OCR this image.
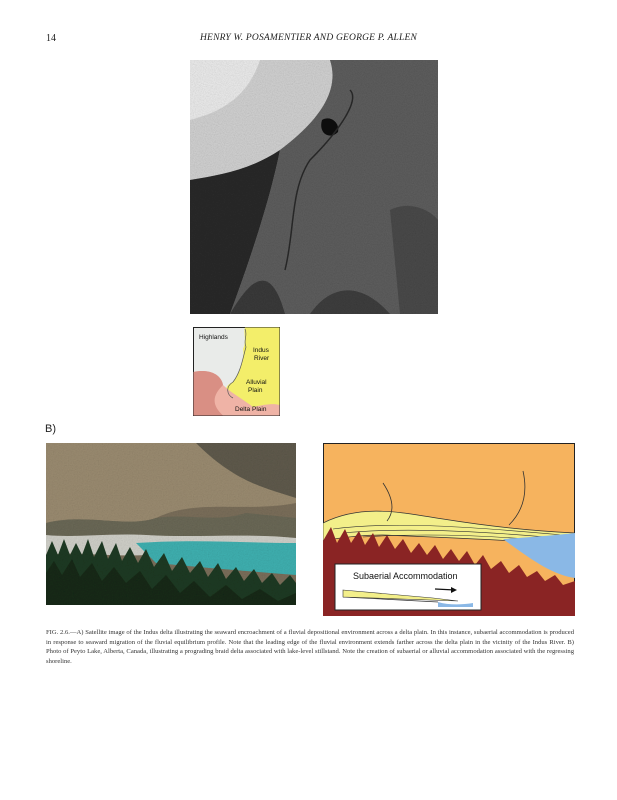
14	HENRY W. POSAMENTIER AND GEORGE P. ALLEN
Highlands
Indus
River
Alluvial
Plain
Delta Plain
B)
Subaerial Accommodation
FIG. 2.6.—A) Satellite image of the Indus delta illustrating the seaward encroachment of a fluvial depositional environment across a delta plain. In this instance, subaerial accommodation is produced in response to seaward migration of the fluvial equilibrium profile. Note that the leading edge of the fluvial environment extends farther across the delta plain in the vicinity of the Indus River. B) Photo of Peyto Lake, Alberta, Canada, illustrating a prograding braid delta associated with lake-level stillstand. Note the creation of subaerial or alluvial accommodation associated with the regressing shoreline.
